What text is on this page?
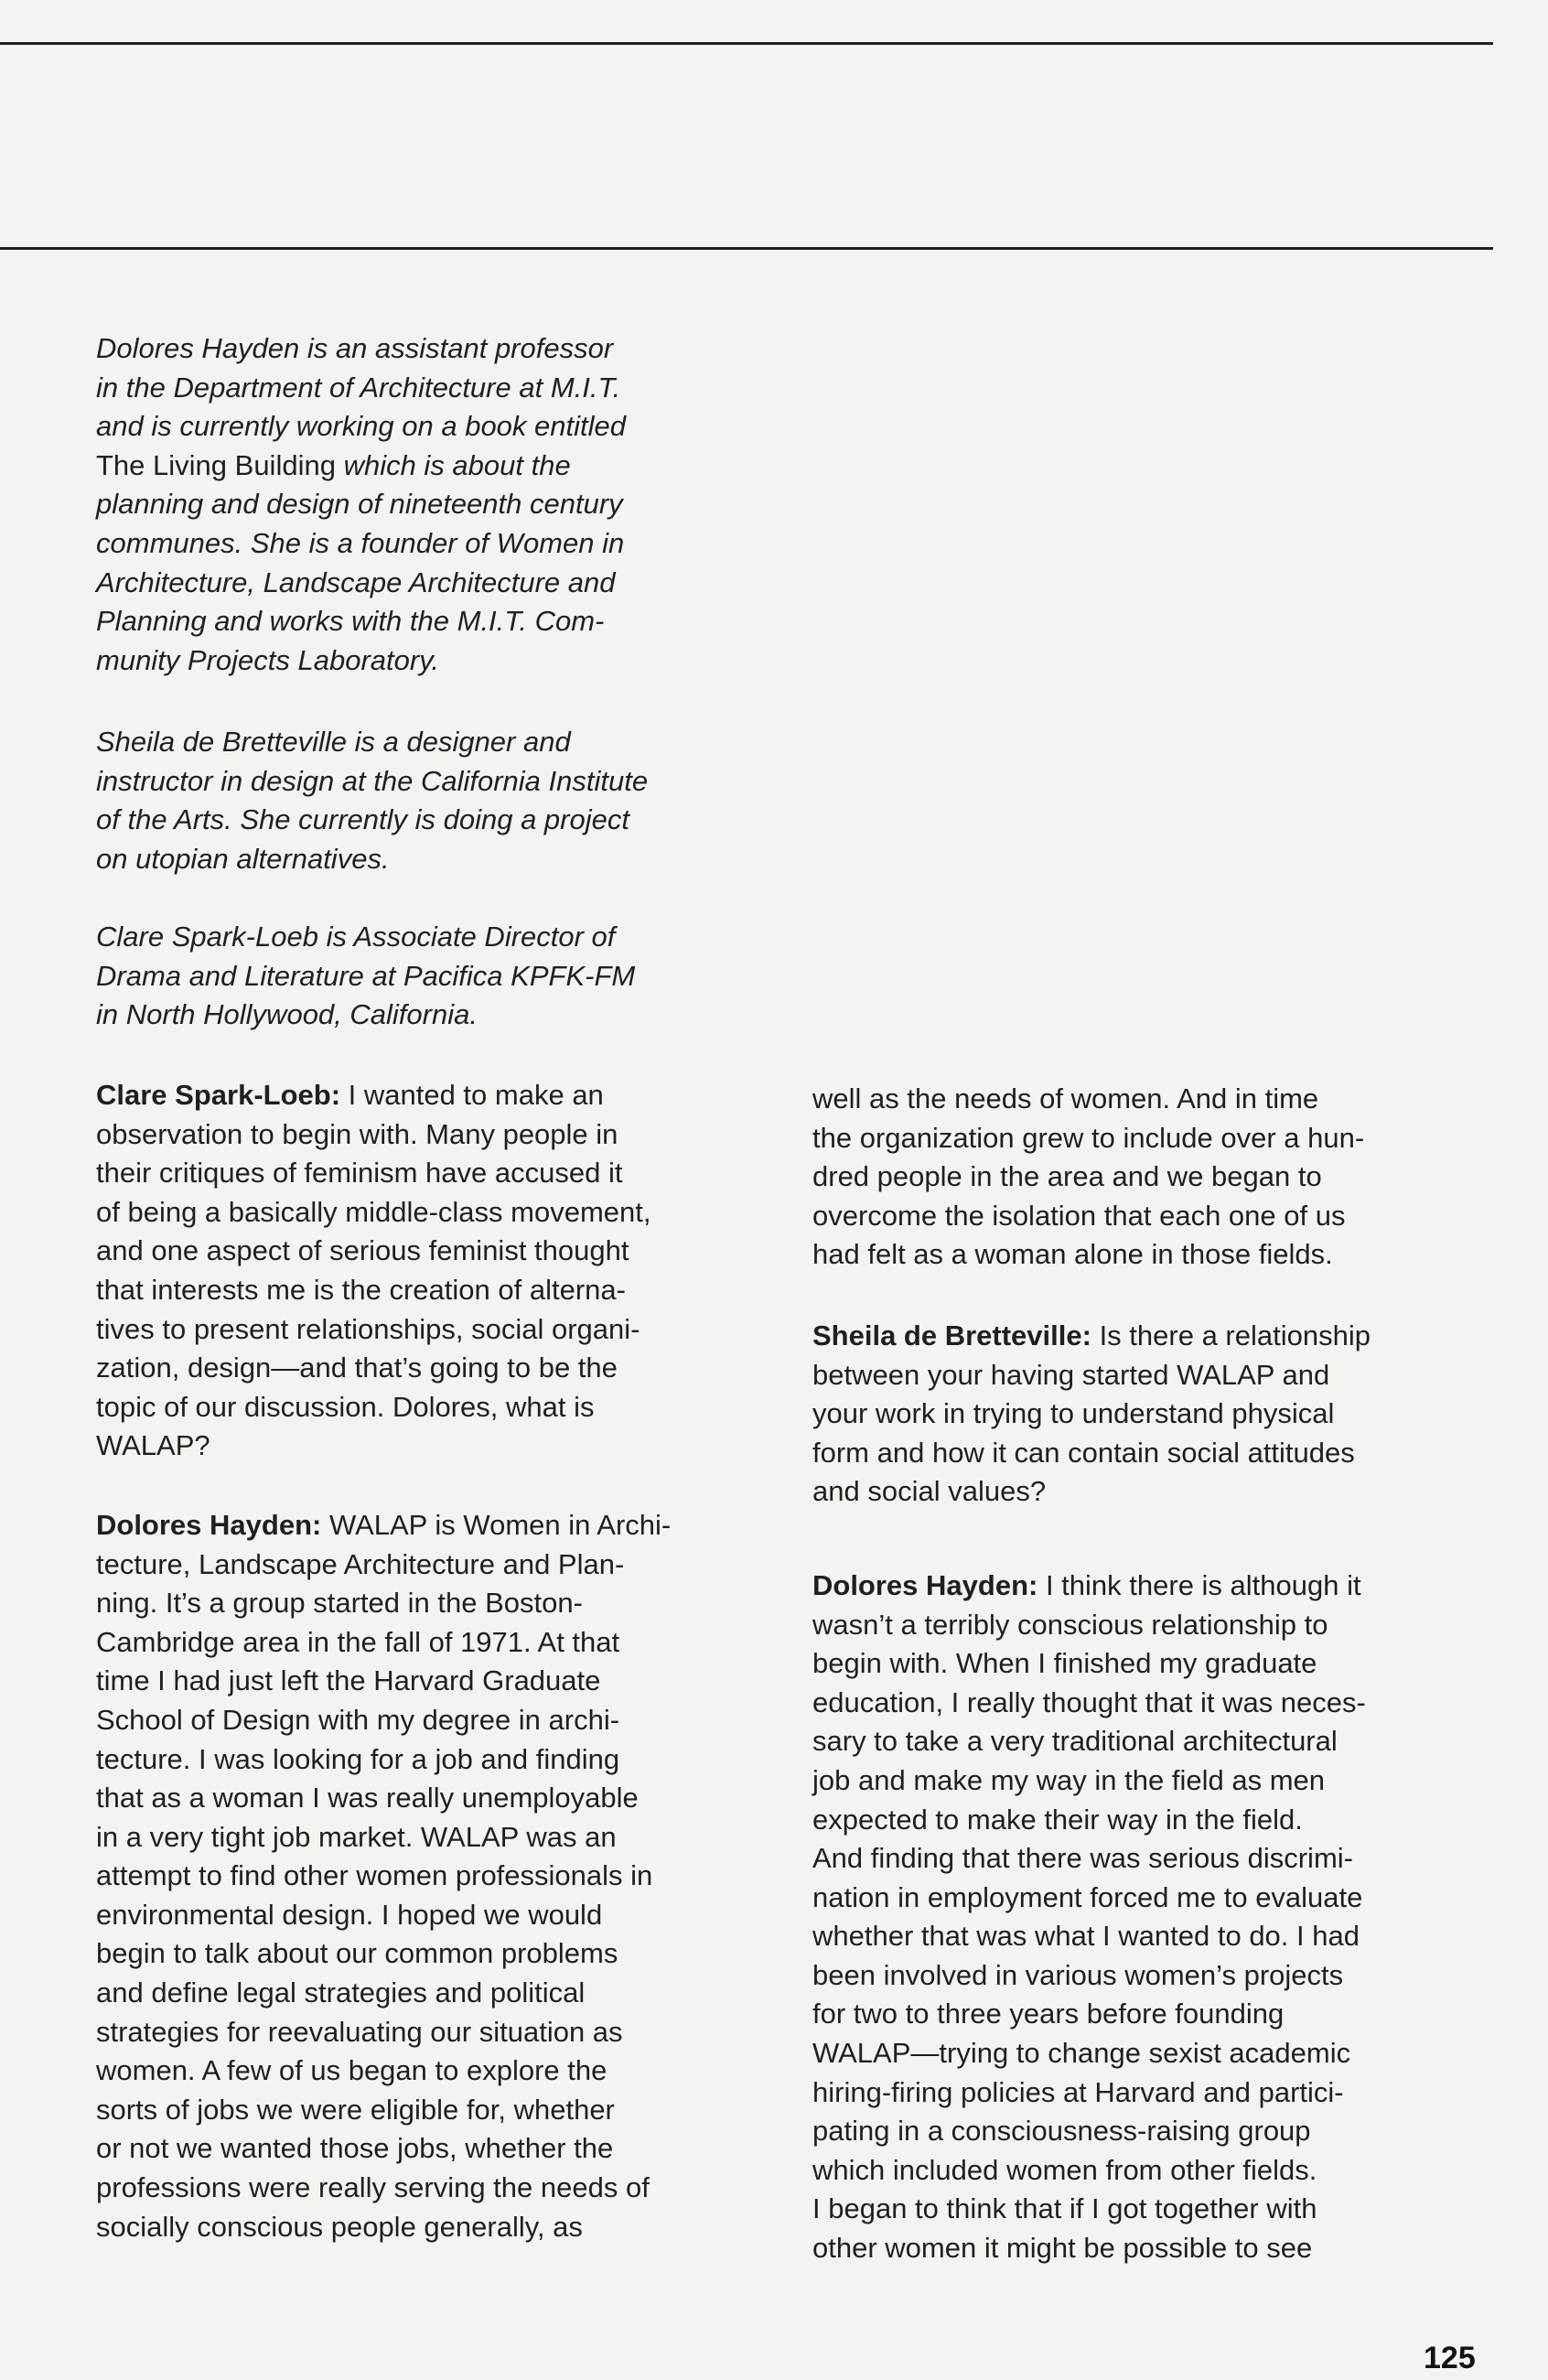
Dolores Hayden is an assistant professor
in the Department of Architecture at M.I.T.
and is currently working on a book entitled
The Living Building which is about the
planning and design of nineteenth century
communes. She is a founder of Women in
Architecture, Landscape Architecture and
Planning and works with the M.I.T. Com-
munity Projects Laboratory.

Sheila de Bretteville is a designer and
instructor in design at the California Institute
of the Arts. She currently is doing a project
on utopian alternatives.

Clare Spark-Loeb is Associate Director of
Drama and Literature at Pacifica KPFK-FM
in North Hollywood, California.

Clare Spark-Loeb: I wanted to make an
observation to begin with. Many people in
their critiques of feminism have accused it
of being a basically middle-class movement,
and one aspect of serious feminist thought
that interests me is the creation of alterna-
tives to present relationships, social organi-
zation, design—and that’s going to be the
topic of our discussion. Dolores, what is
WALAP?

Dolores Hayden: WALAP is Women in Archi-
tecture, Landscape Architecture and Plan-
ning. It’s a group started in the Boston-
Cambridge area in the fall of 1971. At that
time I had just left the Harvard Graduate
School of Design with my degree in archi-
tecture. I was looking for a job and finding
that as a woman I was really unemployable
in a very tight job market. WALAP was an
attempt to find other women professionals in
environmental design. I hoped we would
begin to talk about our common problems
and define legal strategies and political
strategies for reevaluating our situation as
women. A few of us began to explore the
sorts of jobs we were eligible for, whether
or not we wanted those jobs, whether the
professions were really serving the needs of
socially conscious people generally, as

well as the needs of women. And in time
the organization grew to include over a hun-
dred people in the area and we began to
overcome the isolation that each one of us
had felt as a woman alone in those fields.

Sheila de Bretteville: Is there a relationship
between your having started WALAP and
your work in trying to understand physical
form and how it can contain social attitudes
and social values?

Dolores Hayden: I think there is although it
wasn’t a terribly conscious relationship to
begin with. When I finished my graduate
education, I really thought that it was neces-
sary to take a very traditional architectural
job and make my way in the field as men
expected to make their way in the field.
And finding that there was serious discrimi-
nation in employment forced me to evaluate
whether that was what I wanted to do. I had
been involved in various women’s projects
for two to three years before founding
WALAP—trying to change sexist academic
hiring-firing policies at Harvard and partici-
pating in a consciousness-raising group
which included women from other fields.
I began to think that if I got together with
other women it might be possible to see

125
